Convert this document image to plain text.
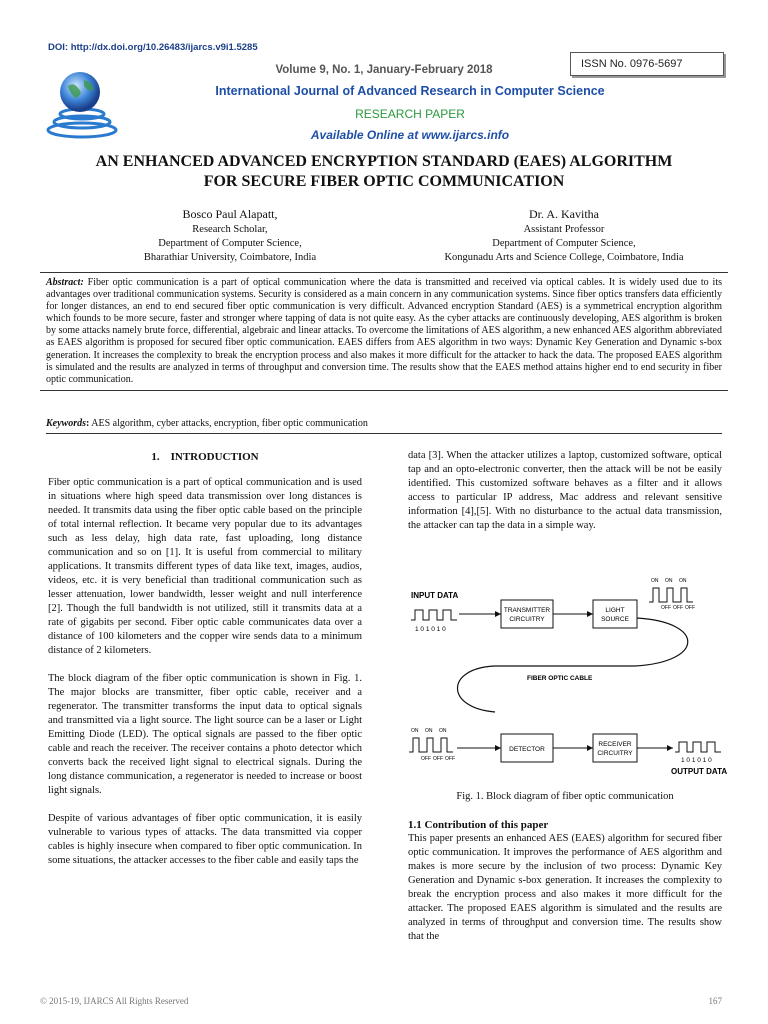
DOI: http://dx.doi.org/10.26483/ijarcs.v9i1.5285
ISSN No. 0976-5697
Volume 9, No. 1, January-February 2018
International Journal of Advanced Research in Computer Science
RESEARCH PAPER
Available Online at www.ijarcs.info
AN ENHANCED ADVANCED ENCRYPTION STANDARD (EAES) ALGORITHM
FOR SECURE FIBER OPTIC COMMUNICATION
Bosco Paul Alapatt,
Research Scholar,
Department of Computer Science,
Bharathiar University, Coimbatore, India
Dr. A. Kavitha
Assistant Professor
Department of Computer Science,
Kongunadu Arts and Science College, Coimbatore, India
Abstract: Fiber optic communication is a part of optical communication where the data is transmitted and received via optical cables. It is widely used due to its advantages over traditional communication systems. Security is considered as a main concern in any communication systems. Since fiber optics transfers data efficiently for longer distances, an end to end secured fiber optic communication is very difficult. Advanced encryption Standard (AES) is a symmetrical encryption algorithm which founds to be more secure, faster and stronger where tapping of data is not quite easy. As the cyber attacks are continuously developing, AES algorithm is broken by some attacks namely brute force, differential, algebraic and linear attacks. To overcome the limitations of AES algorithm, a new enhanced AES algorithm abbreviated as EAES algorithm is proposed for secured fiber optic communication. EAES differs from AES algorithm in two ways: Dynamic Key Generation and Dynamic s-box generation. It increases the complexity to break the encryption process and also makes it more difficult for the attacker to hack the data. The proposed EAES algorithm is simulated and the results are analyzed in terms of throughput and conversion time. The results show that the EAES method attains higher end to end security in fiber optic communication.
Keywords: AES algorithm, cyber attacks, encryption, fiber optic communication
1.    INTRODUCTION

Fiber optic communication is a part of optical communication and is used in situations where high speed data transmission over long distances is needed. It transmits data using the fiber optic cable based on the principle of total internal reflection. It became very popular due to its advantages such as less delay, high data rate, fast uploading, long distance communication and so on [1]. It is useful from commercial to military applications. It transmits different types of data like text, images, audios, videos, etc. it is very beneficial than traditional communication such as lesser attenuation, lower bandwidth, lesser weight and null interference [2]. Though the full bandwidth is not utilized, still it transmits data at a rate of gigabits per second. Fiber optic cable communicates data over a distance of 100 kilometers and the copper wire sends data to a minimum distance of 2 kilometers.

The block diagram of the fiber optic communication is shown in Fig. 1. The major blocks are transmitter, fiber optic cable, receiver and a regenerator. The transmitter transforms the input data to optical signals and transmitted via a light source. The light source can be a laser or Light Emitting Diode (LED). The optical signals are passed to the fiber optic cable and reach the receiver. The receiver contains a photo detector which converts back the received light signal to electrical signals. During the long distance communication, a regenerator is needed to increase or boost light signals.

Despite of various advantages of fiber optic communication, it is easily vulnerable to various types of attacks. The data transmitted via copper cables is highly insecure when compared to fiber optic communication. In some situations, the attacker accesses to the fiber cable and easily taps the

data [3]. When the attacker utilizes a laptop, customized software, optical tap and an opto-electronic converter, then the attack will be not be easily identified. This customized software behaves as a filter and it allows access to particular IP address, Mac address and relevant sensitive information [4],[5]. With no disturbance to the actual data transmission, the attacker can tap the data in a simple way.

INPUT DATA
1 0 1 0 1 0
TRANSMITTER
CIRCUITRY
LIGHT
SOURCE
ON ON ON
OFF OFF OFF
FIBER OPTIC CABLE
ON ON ON
OFF OFF OFF
DETECTOR
RECEIVER
CIRCUITRY
1 0 1 0 1 0
OUTPUT DATA
Fig. 1. Block diagram of fiber optic communication
1.1 Contribution of this paper

This paper presents an enhanced AES (EAES) algorithm for secured fiber optic communication. It improves the performance of AES algorithm and makes is more secure by the inclusion of two process: Dynamic Key Generation and Dynamic s-box generation. It increases the complexity to break the encryption process and also makes it more difficult for the attacker. The proposed EAES algorithm is simulated and the results are analyzed in terms of throughput and conversion time. The results show that the

© 2015-19, IJARCS All Rights Reserved	167
